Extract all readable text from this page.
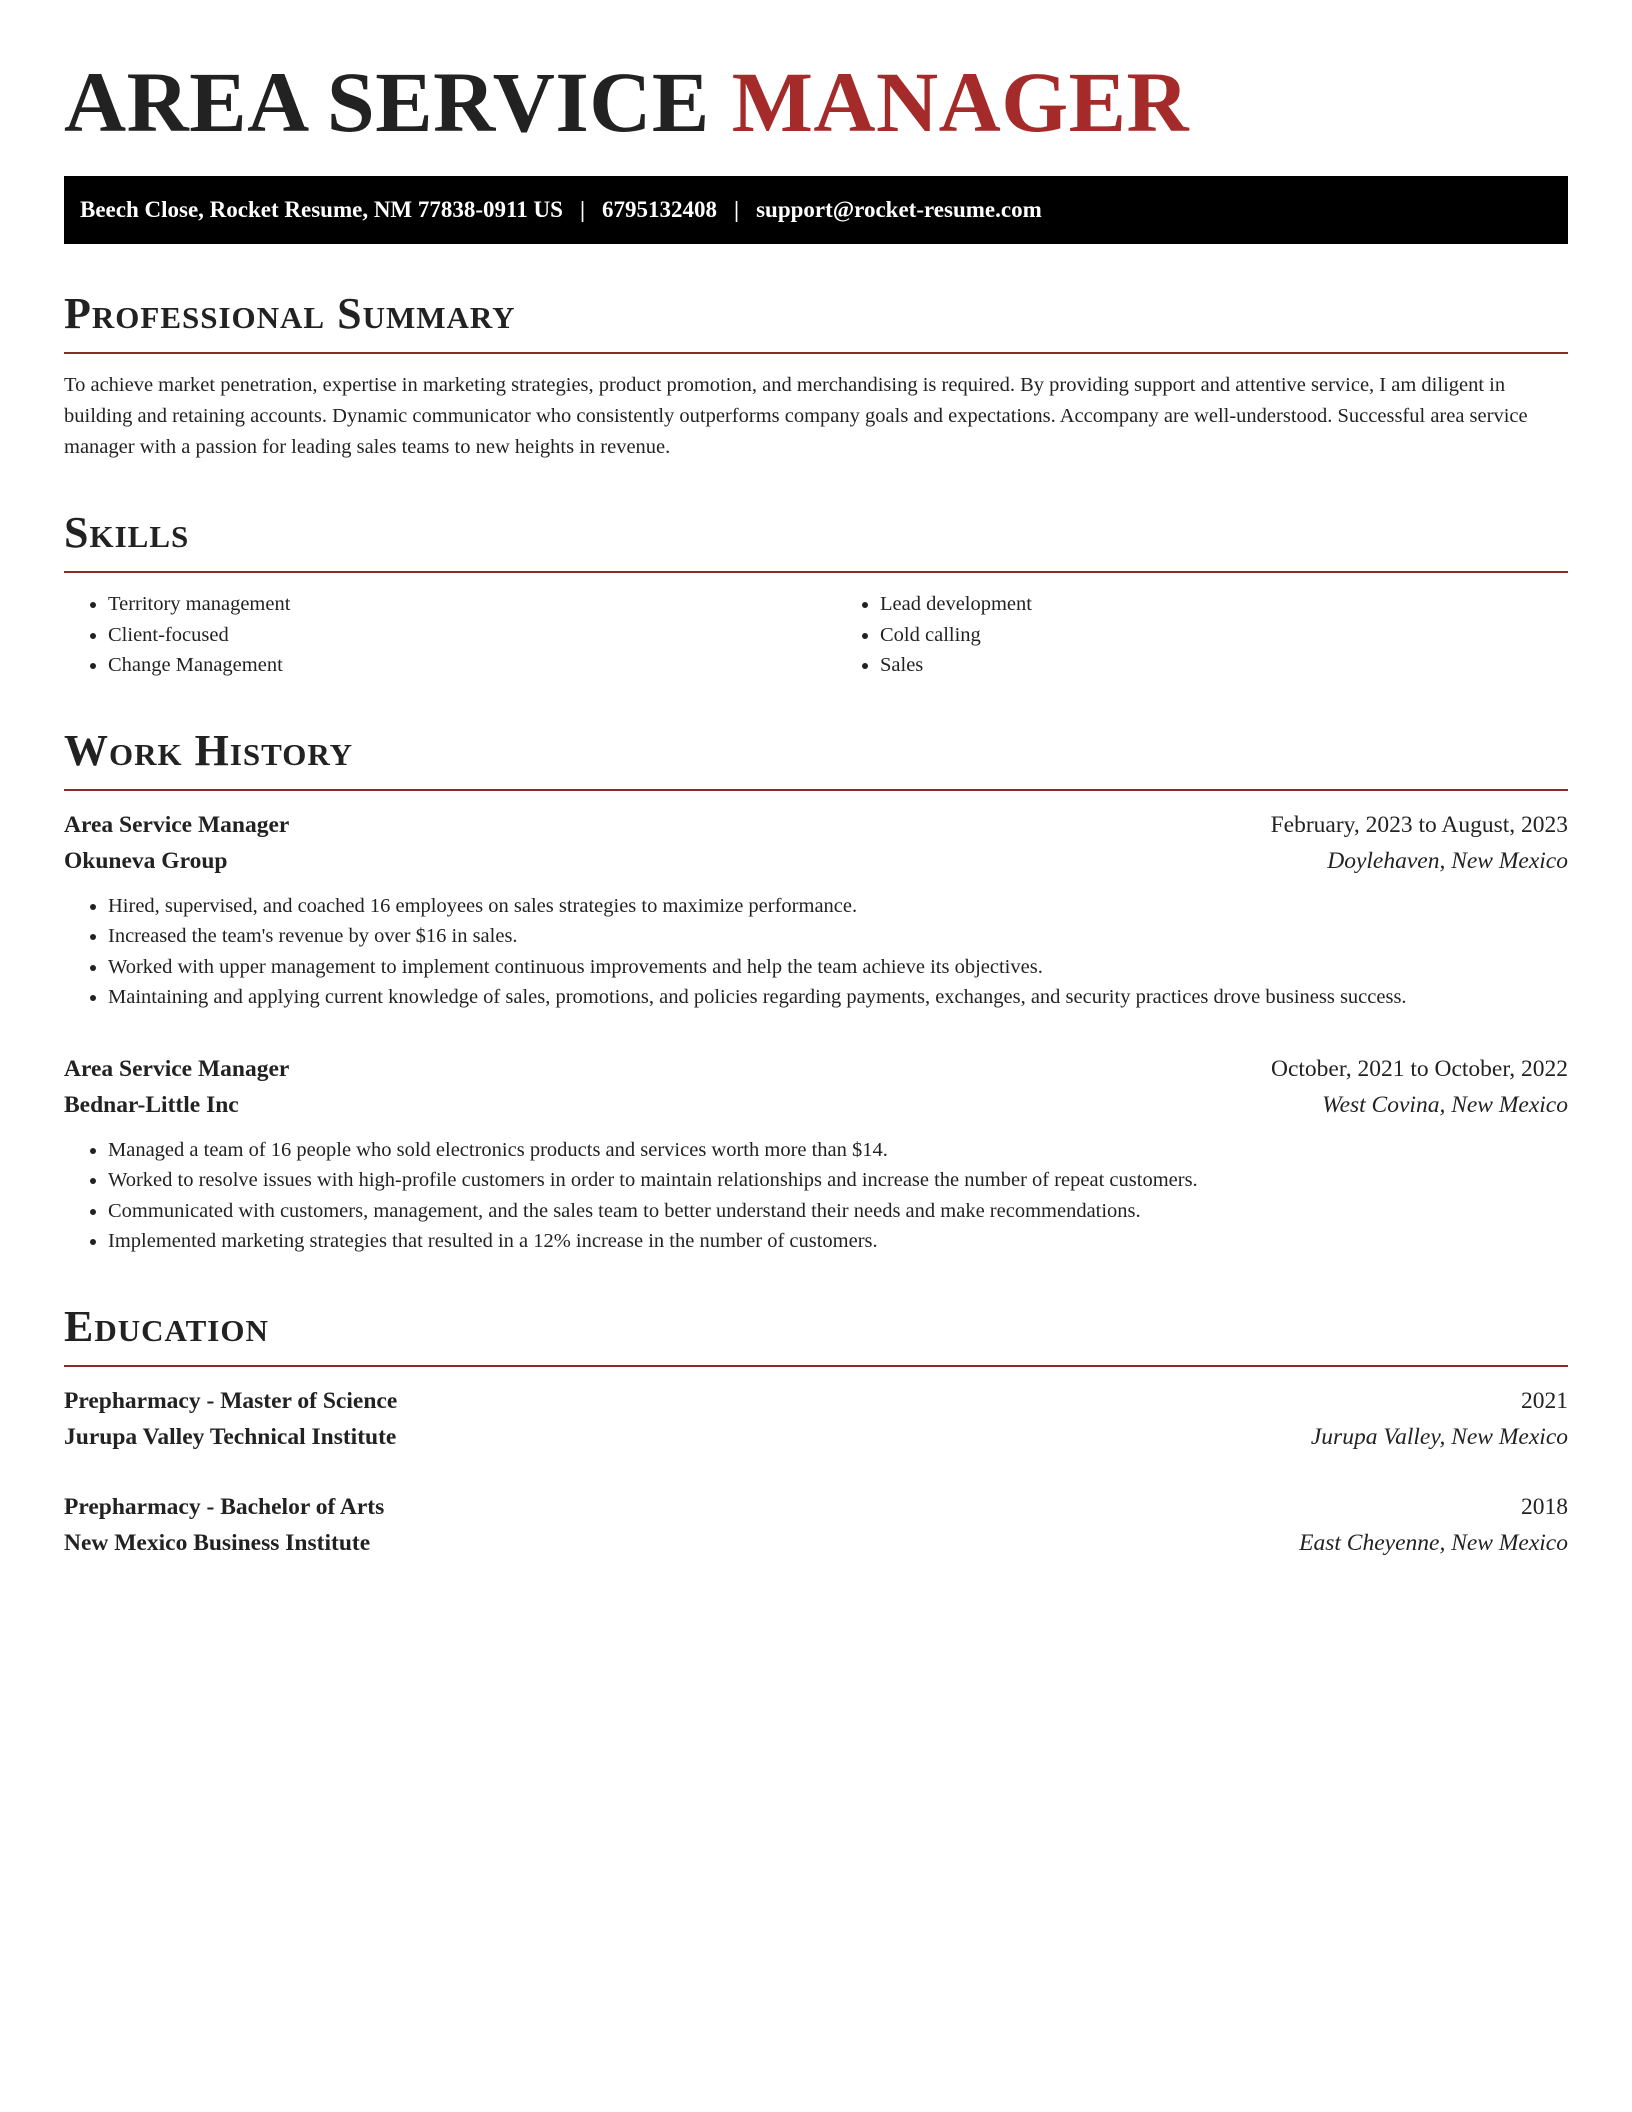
AREA SERVICE MANAGER
Beech Close, Rocket Resume, NM 77838-0911 US | 6795132408 | support@rocket-resume.com
Professional Summary

To achieve market penetration, expertise in marketing strategies, product promotion, and merchandising is required. By providing support and attentive service, I am diligent in building and retaining accounts. Dynamic communicator who consistently outperforms company goals and expectations. Accompany are well-understood. Successful area service manager with a passion for leading sales teams to new heights in revenue.

Skills
• Territory management
• Client-focused
• Change Management
• Lead development
• Cold calling
• Sales
Work History
Area Service Manager	February, 2023 to August, 2023
Okuneva Group	Doylehaven, New Mexico
• Hired, supervised, and coached 16 employees on sales strategies to maximize performance.
• Increased the team's revenue by over $16 in sales.
• Worked with upper management to implement continuous improvements and help the team achieve its objectives.
• Maintaining and applying current knowledge of sales, promotions, and policies regarding payments, exchanges, and security practices drove business success.
Area Service Manager	October, 2021 to October, 2022
Bednar-Little Inc	West Covina, New Mexico
• Managed a team of 16 people who sold electronics products and services worth more than $14.
• Worked to resolve issues with high-profile customers in order to maintain relationships and increase the number of repeat customers.
• Communicated with customers, management, and the sales team to better understand their needs and make recommendations.
• Implemented marketing strategies that resulted in a 12% increase in the number of customers.
Education
Prepharmacy - Master of Science	2021
Jurupa Valley Technical Institute	Jurupa Valley, New Mexico
Prepharmacy - Bachelor of Arts	2018
New Mexico Business Institute	East Cheyenne, New Mexico
